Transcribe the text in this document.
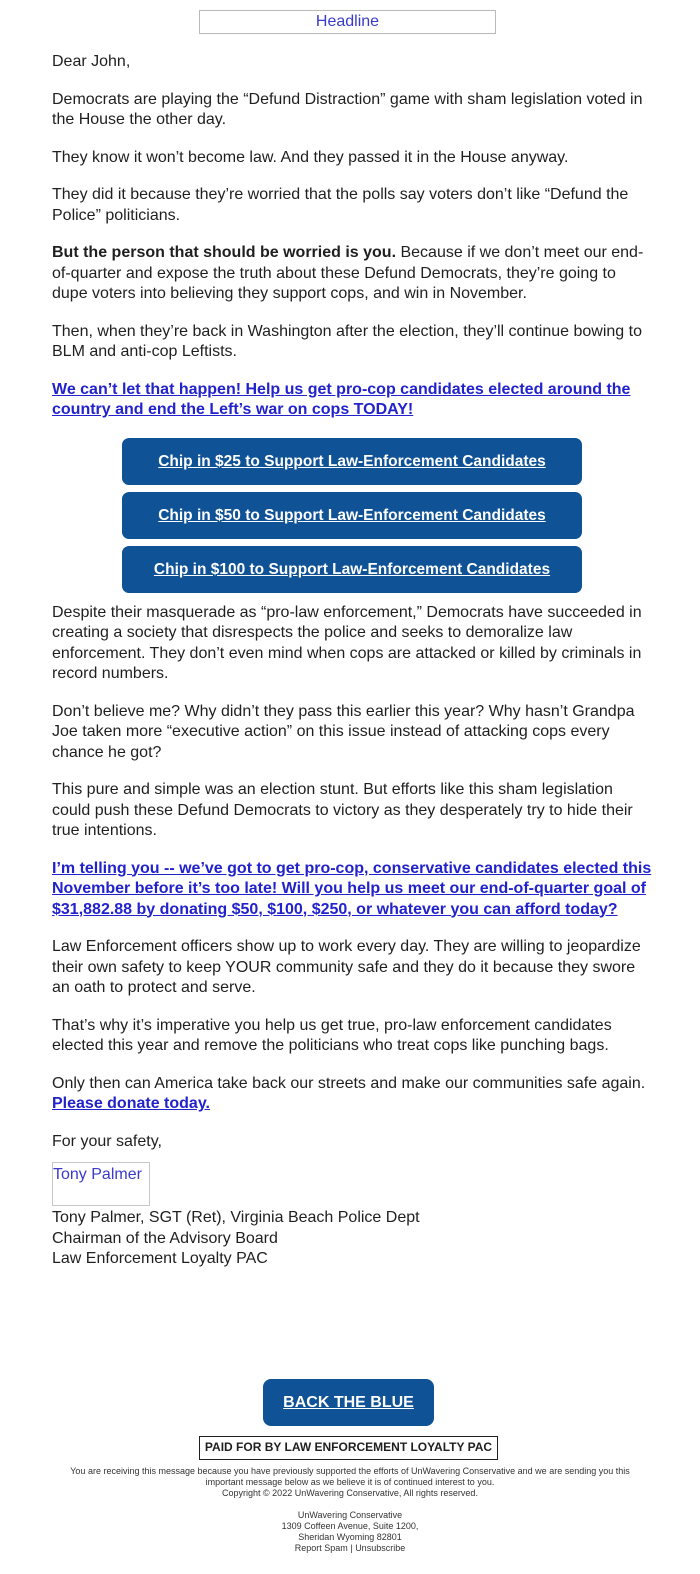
Headline

Dear John,

Democrats are playing the “Defund Distraction” game with sham legislation voted in the House the other day.

They know it won’t become law. And they passed it in the House anyway.

They did it because they’re worried that the polls say voters don’t like “Defund the Police” politicians.

But the person that should be worried is you. Because if we don’t meet our end-of-quarter and expose the truth about these Defund Democrats, they’re going to dupe voters into believing they support cops, and win in November.

Then, when they’re back in Washington after the election, they’ll continue bowing to BLM and anti-cop Leftists.

We can’t let that happen! Help us get pro-cop candidates elected around the country and end the Left’s war on cops TODAY!

Chip in $25 to Support Law-Enforcement Candidates
Chip in $50 to Support Law-Enforcement Candidates
Chip in $100 to Support Law-Enforcement Candidates

Despite their masquerade as “pro-law enforcement,” Democrats have succeeded in creating a society that disrespects the police and seeks to demoralize law enforcement. They don’t even mind when cops are attacked or killed by criminals in record numbers.

Don’t believe me? Why didn’t they pass this earlier this year? Why hasn’t Grandpa Joe taken more “executive action” on this issue instead of attacking cops every chance he got?

This pure and simple was an election stunt. But efforts like this sham legislation could push these Defund Democrats to victory as they desperately try to hide their true intentions.

I’m telling you -- we’ve got to get pro-cop, conservative candidates elected this November before it’s too late! Will you help us meet our end-of-quarter goal of $31,882.88 by donating $50, $100, $250, or whatever you can afford today?

Law Enforcement officers show up to work every day. They are willing to jeopardize their own safety to keep YOUR community safe and they do it because they swore an oath to protect and serve.

That’s why it’s imperative you help us get true, pro-law enforcement candidates elected this year and remove the politicians who treat cops like punching bags.

Only then can America take back our streets and make our communities safe again. Please donate today.

For your safety,

Tony Palmer
Tony Palmer, SGT (Ret), Virginia Beach Police Dept
Chairman of the Advisory Board
Law Enforcement Loyalty PAC
BACK THE BLUE
PAID FOR BY LAW ENFORCEMENT LOYALTY PAC
You are receiving this message because you have previously supported the efforts of UnWavering Conservative and we are sending you this important message below as we believe it is of continued interest to you.
Copyright © 2022 UnWavering Conservative, All rights reserved.
UnWavering Conservative
1309 Coffeen Avenue, Suite 1200,
Sheridan Wyoming 82801
Report Spam | Unsubscribe
